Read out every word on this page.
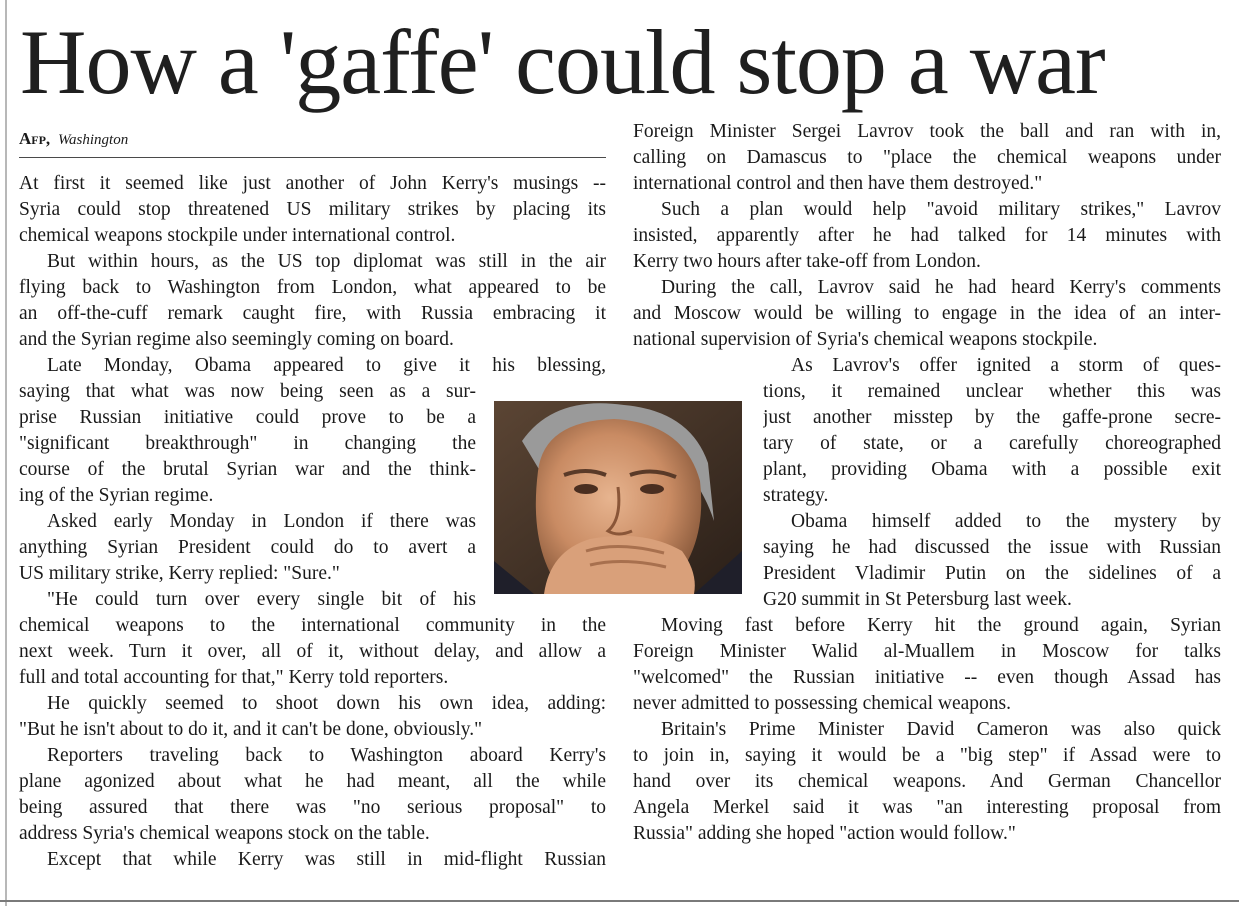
How a 'gaffe' could stop a war
Afp, Washington
At first it seemed like just another of John Kerry's musings --
Syria could stop threatened US military strikes by placing its
chemical weapons stockpile under international control.
But within hours, as the US top diplomat was still in the air
flying back to Washington from London, what appeared to be
an off-the-cuff remark caught fire, with Russia embracing it
and the Syrian regime also seemingly coming on board.
Late Monday, Obama appeared to give it his blessing,
saying that what was now being seen as a sur-
prise Russian initiative could prove to be a
"significant breakthrough" in changing the
course of the brutal Syrian war and the think-
ing of the Syrian regime.
Asked early Monday in London if there was
anything Syrian President could do to avert a
US military strike, Kerry replied: "Sure."
"He could turn over every single bit of his
chemical weapons to the international community in the
next week. Turn it over, all of it, without delay, and allow a
full and total accounting for that," Kerry told reporters.
He quickly seemed to shoot down his own idea, adding:
"But he isn't about to do it, and it can't be done, obviously."
Reporters traveling back to Washington aboard Kerry's
plane agonized about what he had meant, all the while
being assured that there was "no serious proposal" to
address Syria's chemical weapons stock on the table.
Except that while Kerry was still in mid-flight Russian
Foreign Minister Sergei Lavrov took the ball and ran with in,
calling on Damascus to "place the chemical weapons under
international control and then have them destroyed."
Such a plan would help "avoid military strikes," Lavrov
insisted, apparently after he had talked for 14 minutes with
Kerry two hours after take-off from London.
During the call, Lavrov said he had heard Kerry's comments
and Moscow would be willing to engage in the idea of an inter-
national supervision of Syria's chemical weapons stockpile.
As Lavrov's offer ignited a storm of ques-
tions, it remained unclear whether this was
just another misstep by the gaffe-prone secre-
tary of state, or a carefully choreographed
plant, providing Obama with a possible exit
strategy.
Obama himself added to the mystery by
saying he had discussed the issue with Russian
President Vladimir Putin on the sidelines of a
G20 summit in St Petersburg last week.
Moving fast before Kerry hit the ground again, Syrian
Foreign Minister Walid al-Muallem in Moscow for talks
"welcomed" the Russian initiative -- even though Assad has
never admitted to possessing chemical weapons.
Britain's Prime Minister David Cameron was also quick
to join in, saying it would be a "big step" if Assad were to
hand over its chemical weapons. And German Chancellor
Angela Merkel said it was "an interesting proposal from
Russia" adding she hoped "action would follow."
